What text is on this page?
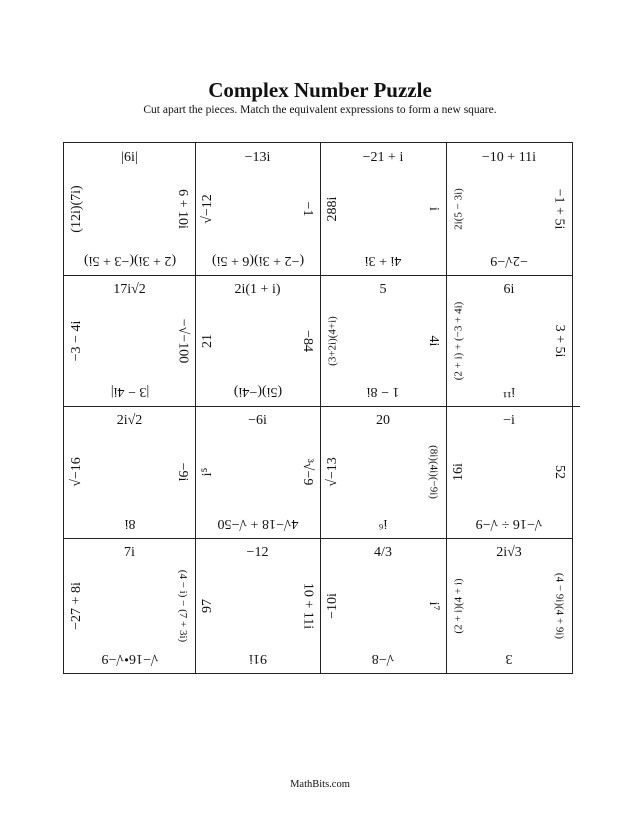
Complex Number Puzzle
Cut apart the pieces. Match the equivalent expressions to form a new square.
|6i|
(12i)(7i)	6 + 10i
(2 + 3i)(−3 + 5i)
−13i
√−12	−1
(−2 + 3i)(6 + 5i)
−21 + i
288i	i
4i + 3i
−10 + 11i
2i(5 − 3i)	−1 + 5i
−2√−9
17i√2
−3 − 4i	−√−100
|3 − 4i|
2i(1 + i)
21	−84
(5i)(−4i)
5
(3+2i)(4+i)	4i
1 − 8i
6i
(2 + i) + (−3 + 4i)	3 + 5i
i¹¹
2i√2
√−16	−9i
8i
−6i
i⁵	³√−9
4√−18 + √−50
20
√−13	(8i)(4i)(−9i)
i⁶
−i
16i	52
√−16 ÷ √−9
7i
−27 + 8i	(4 − i) − (7 + 3i)
√−16•√−9
−12
97	10 + 11i
91i
4/3
−10i	i⁷
√−8
2i√3
(2 + i)(4 + i)	(4 − 9i)(4 + 9i)
3
MathBits.com
